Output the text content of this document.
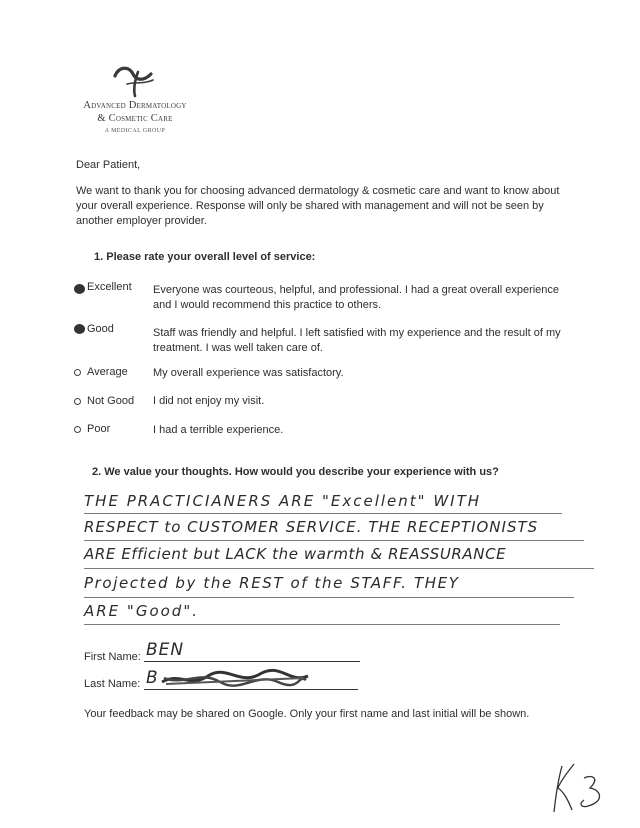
Advanced Dermatology
& Cosmetic Care
A MEDICAL GROUP
Dear Patient,
We want to thank you for choosing advanced dermatology & cosmetic care and want to know about your overall experience. Response will only be shared with management and will not be seen by another employer provider.
1. Please rate your overall level of service:
Excellent Everyone was courteous, helpful, and professional. I had a great overall experience and I would recommend this practice to others.
Good	Staff was friendly and helpful. I left satisfied with my experience and the result of my treatment. I was well taken care of.
Average My overall experience was satisfactory.
Not Good I did not enjoy my visit.
Poor	I had a terrible experience.
2. We value your thoughts. How would you describe your experience with us?
THE PRACTICIANERS ARE "Excellent" WITH
RESPECT to CUSTOMER SERVICE. THE RECEPTIONISTS
ARE Efficient but LACK the warmth & REASSURANCE
Projected by the REST of the STAFF. THEY
ARE "Good".
First Name: BEN
Last Name: B
Your feedback may be shared on Google. Only your first name and last initial will be shown.
